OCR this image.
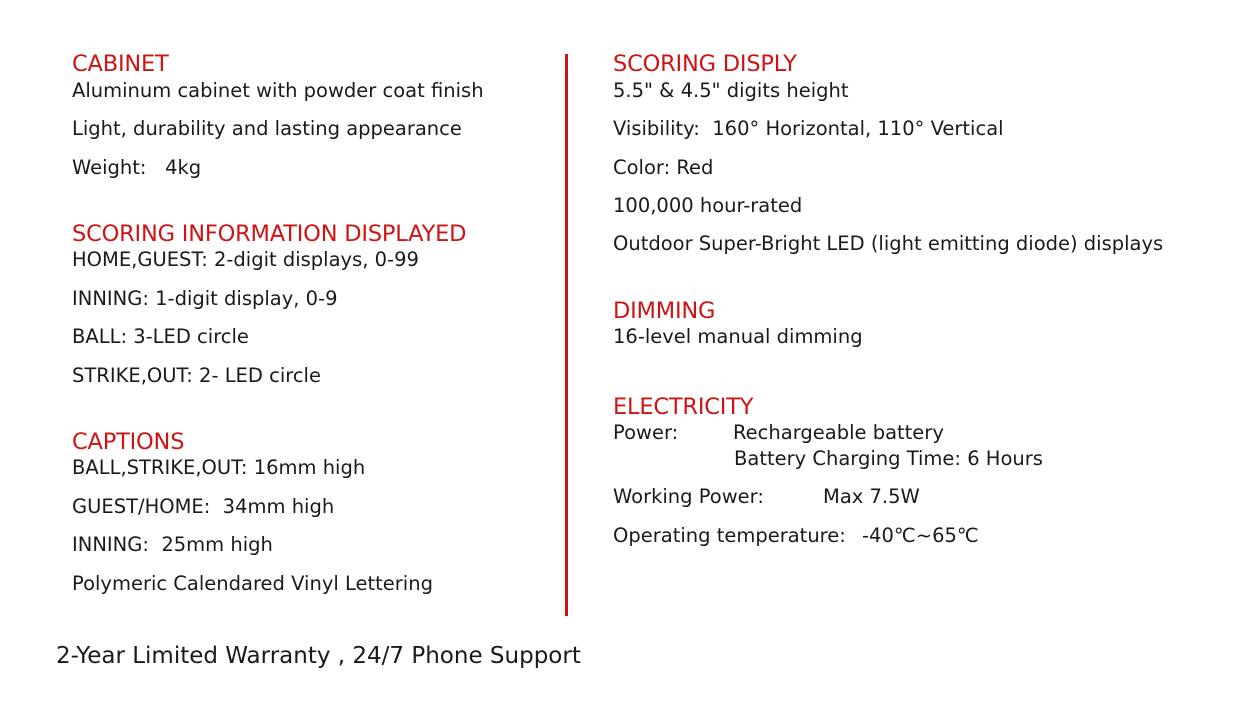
CABINET
Aluminum cabinet with powder coat finish
Light, durability and lasting appearance
Weight:   4kg
SCORING INFORMATION DISPLAYED
HOME,GUEST: 2-digit displays, 0-99
INNING: 1-digit display, 0-9
BALL: 3-LED circle
STRIKE,OUT: 2- LED circle
CAPTIONS
BALL,STRIKE,OUT: 16mm high
GUEST/HOME:  34mm high
INNING:  25mm high
Polymeric Calendared Vinyl Lettering
SCORING DISPLY
5.5" & 4.5" digits height
Visibility:  160° Horizontal, 110° Vertical
Color: Red
100,000 hour-rated
Outdoor Super-Bright LED (light emitting diode) displays
DIMMING
16-level manual dimming
ELECTRICITY
Power:	Rechargeable battery
Battery Charging Time: 6 Hours
Working Power:	Max 7.5W
Operating temperature: -40℃~65℃
2-Year Limited Warranty , 24/7 Phone Support
